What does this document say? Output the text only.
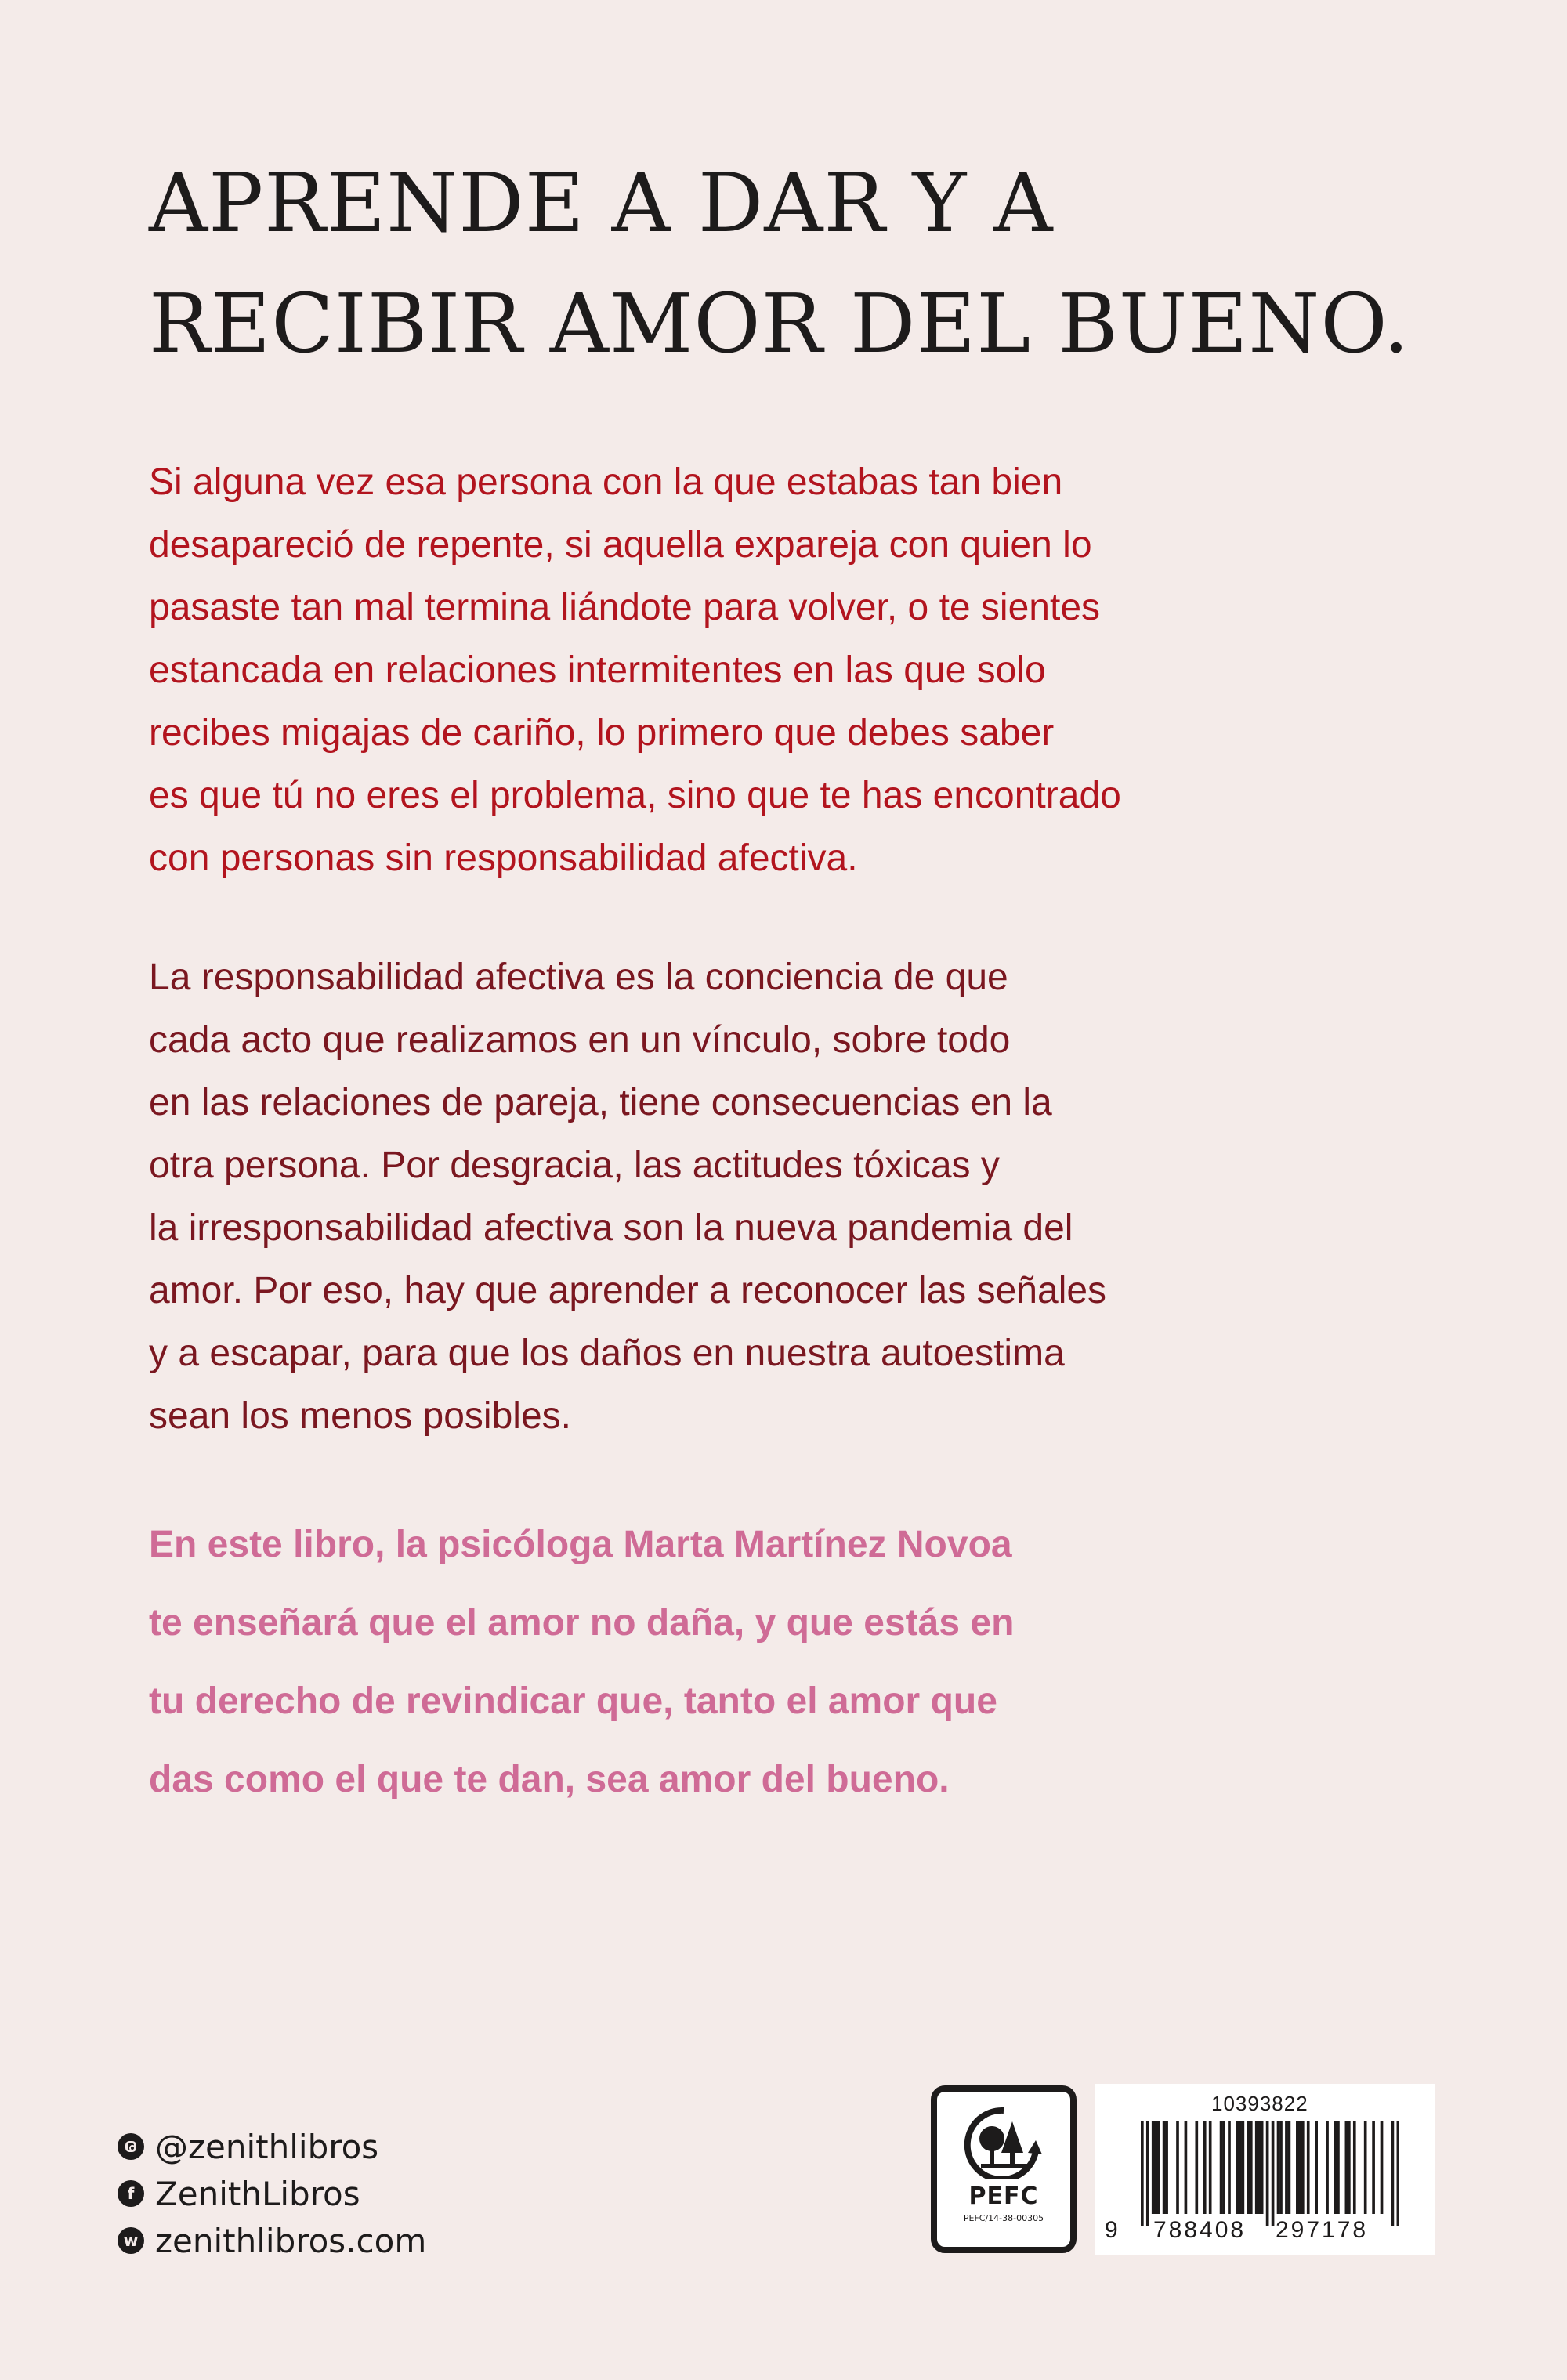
APRENDE A DAR Y A
RECIBIR AMOR DEL BUENO.

Si alguna vez esa persona con la que estabas tan bien
desapareció de repente, si aquella expareja con quien lo
pasaste tan mal termina liándote para volver, o te sientes
estancada en relaciones intermitentes en las que solo
recibes migajas de cariño, lo primero que debes saber
es que tú no eres el problema, sino que te has encontrado
con personas sin responsabilidad afectiva.

La responsabilidad afectiva es la conciencia de que
cada acto que realizamos en un vínculo, sobre todo
en las relaciones de pareja, tiene consecuencias en la
otra persona. Por desgracia, las actitudes tóxicas y
la irresponsabilidad afectiva son la nueva pandemia del
amor. Por eso, hay que aprender a reconocer las señales
y a escapar, para que los daños en nuestra autoestima
sean los menos posibles.

En este libro, la psicóloga Marta Martínez Novoa
te enseñará que el amor no daña, y que estás en
tu derecho de revindicar que, tanto el amor que
das como el que te dan, sea amor del bueno.

@zenithlibros
f ZenithLibros
w zenithlibros.com
PEFC
PEFC/14-38-00305
10393822
9 788408 297178
